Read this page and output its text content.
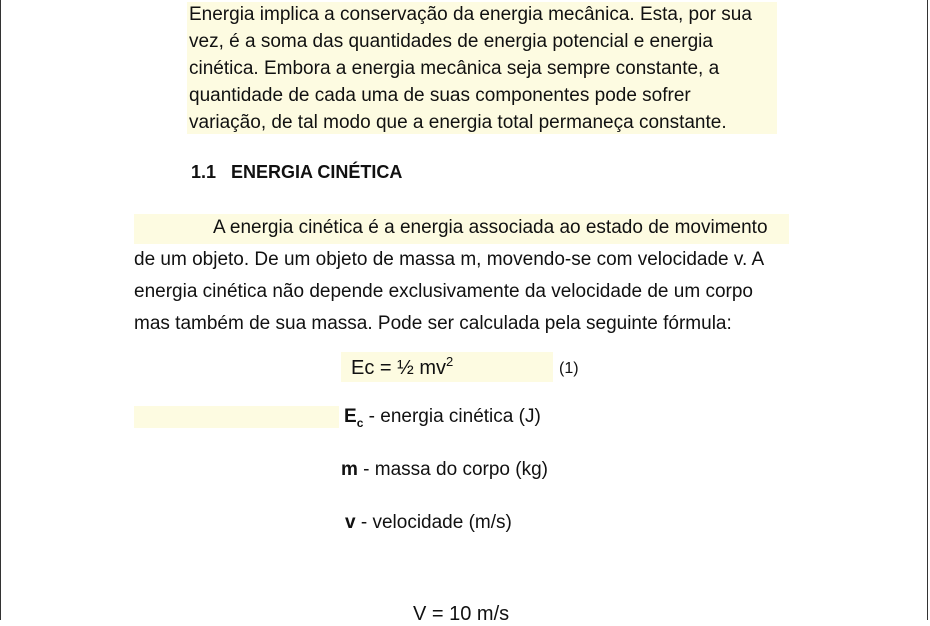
Energia implica a conservação da energia mecânica. Esta, por sua
vez, é a soma das quantidades de energia potencial e energia
cinética. Embora a energia mecânica seja sempre constante, a
quantidade de cada uma de suas componentes pode sofrer
variação, de tal modo que a energia total permaneça constante.
1.1 ENERGIA CINÉTICA
A energia cinética é a energia associada ao estado de movimento
de um objeto. De um objeto de massa m, movendo-se com velocidade v. A
energia cinética não depende exclusivamente da velocidade de um corpo
mas também de sua massa. Pode ser calculada pela seguinte fórmula:
Ec = ½ $mv^2$	(1)
$E_c$ - energia cinética (J)
m - massa do corpo (kg)
v - velocidade (m/s)
V = 10 m/s
